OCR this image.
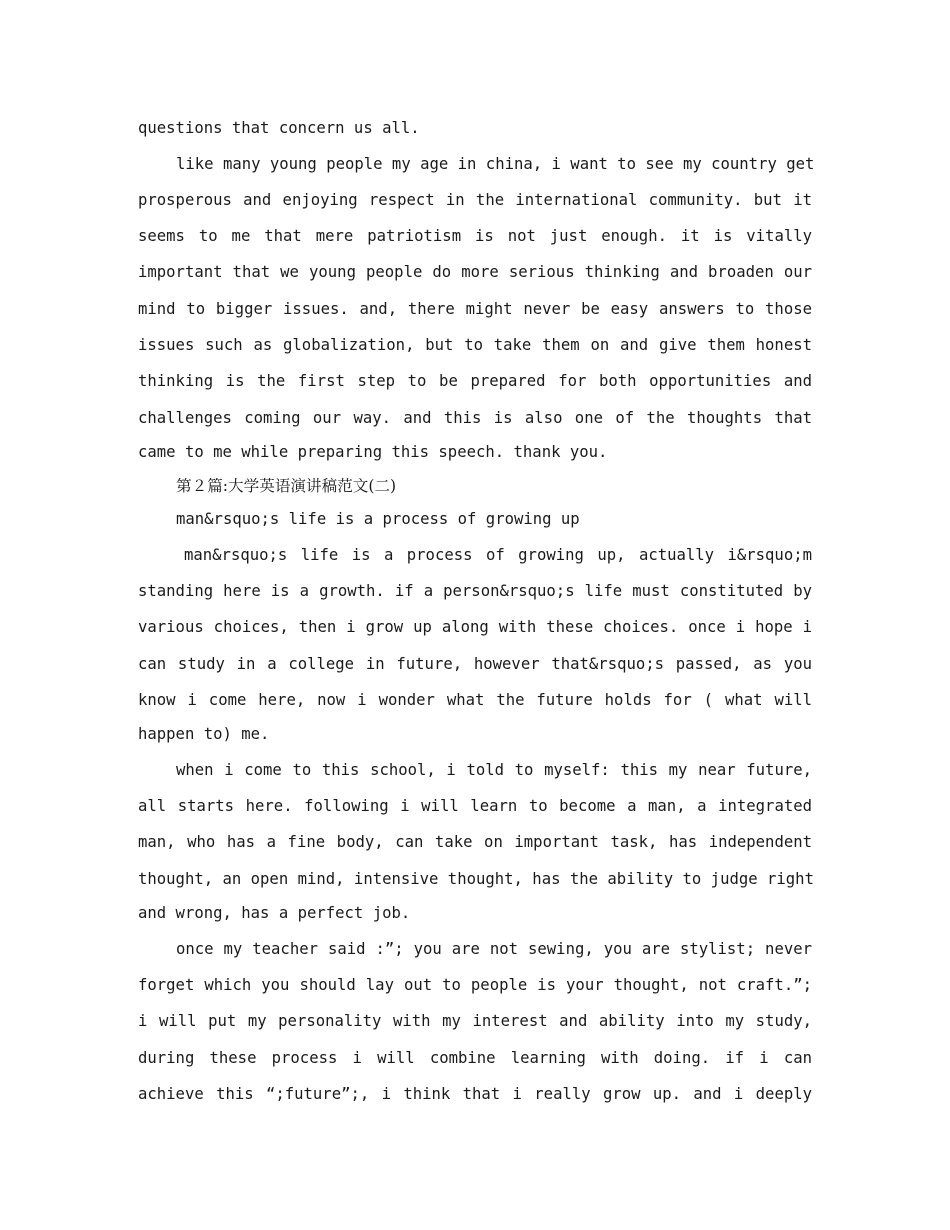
questions that concern us all.
like many young people my age in china, i want to see my country get
prosperous and enjoying respect in the international community. but it
seems to me that mere patriotism is not just enough. it is vitally
important that we young people do more serious thinking and broaden our
mind to bigger issues. and, there might never be easy answers to those
issues such as globalization, but to take them on and give them honest
thinking is the first step to be prepared for both opportunities and
challenges coming our way. and this is also one of the thoughts that
came to me while preparing this speech. thank you.
第２篇:大学英语演讲稿范文(二)
man&rsquo;s life is a process of growing up
man&rsquo;s life is a process of growing up, actually i&rsquo;m
standing here is a growth. if a person&rsquo;s life must constituted by
various choices, then i grow up along with these choices. once i hope i
can study in a college in future, however that&rsquo;s passed, as you
know i come here, now i wonder what the future holds for ( what will
happen to) me.
when i come to this school, i told to myself: this my near future,
all starts here. following i will learn to become a man, a integrated
man, who has a fine body, can take on important task, has independent
thought, an open mind, intensive thought, has the ability to judge right
and wrong, has a perfect job.
once my teacher said :”; you are not sewing, you are stylist; never
forget which you should lay out to people is your thought, not craft.”;
i will put my personality with my interest and ability into my study,
during these process i will combine learning with doing. if i can
achieve this “;future”;, i think that i really grow up. and i deeply
